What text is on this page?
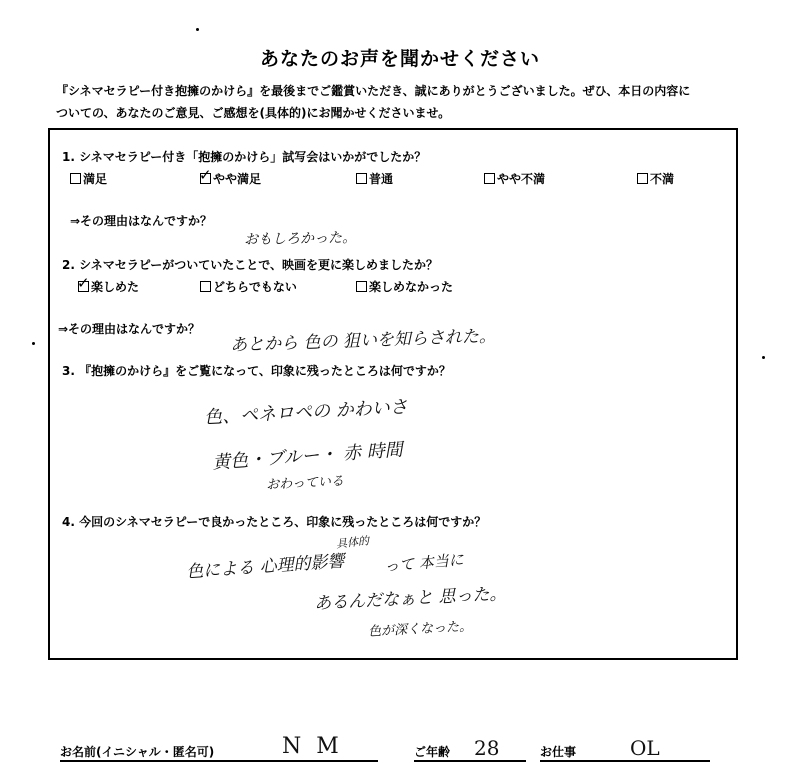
あなたのお声を聞かせください
『シネマセラピー付き抱擁のかけら』を最後までご鑑賞いただき、誠にありがとうございました。ぜひ、本日の内容に
ついての、あなたのご意見、ご感想を(具体的)にお聞かせくださいませ。
1. シネマセラピー付き「抱擁のかけら」試写会はいかがでしたか？
満足	✓ やや満足	普通	やや不満	不満
⇒その理由はなんですか？
おもしろかった。
2. シネマセラピーがついていたことで、映画を更に楽しめましたか？
✓ 楽しめた	どちらでもない	楽しめなかった
⇒その理由はなんですか？ あとから 色の 狙いを知らされた。
3. 『抱擁のかけら』をご覧になって、印象に残ったところは何ですか？
色、ペネロペの かわいさ
黄色・ブルー・ 赤 時間
おわっている
4. 今回のシネマセラピーで良かったところ、印象に残ったところは何ですか？
色による 心理的影響
具体的
って 本当に
あるんだなぁと 思った。
色が深くなった。
お名前(イニシャル・匿名可)	N M	ご年齢 28	お仕事	OL
